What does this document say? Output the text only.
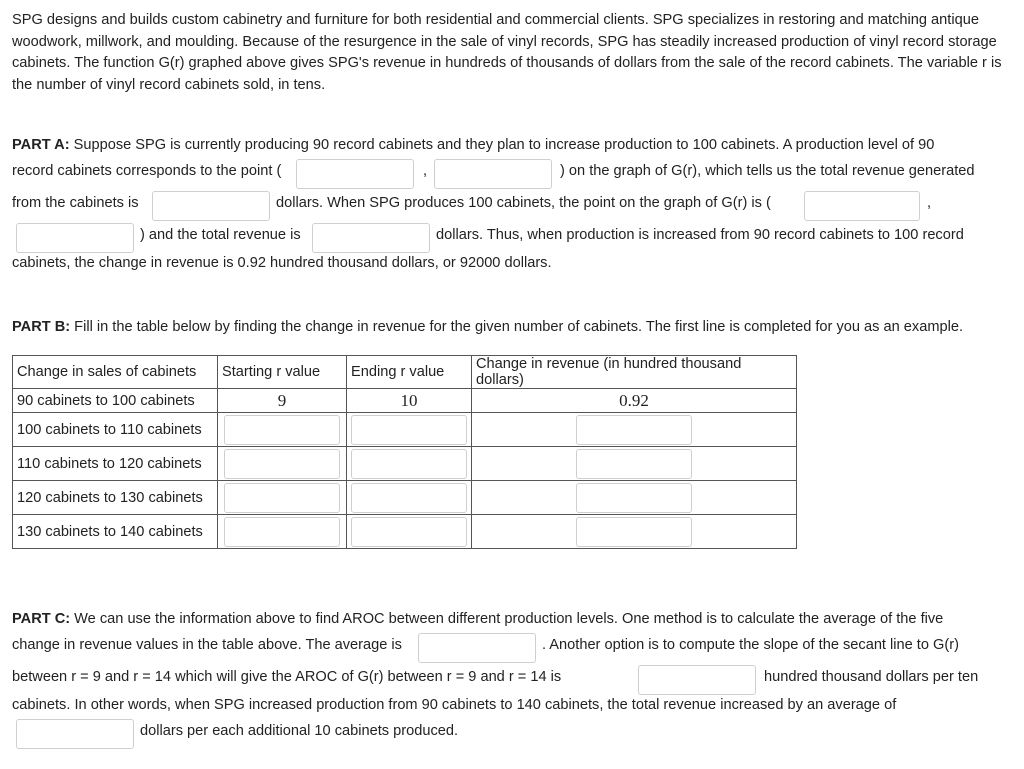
SPG designs and builds custom cabinetry and furniture for both residential and commercial clients. SPG specializes in restoring and matching antique woodwork, millwork, and moulding. Because of the resurgence in the sale of vinyl records, SPG has steadily increased production of vinyl record storage cabinets. The function G(r) graphed above gives SPG's revenue in hundreds of thousands of dollars from the sale of the record cabinets. The variable r is the number of vinyl record cabinets sold, in tens.
PART A: Suppose SPG is currently producing 90 record cabinets and they plan to increase production to 100 cabinets. A production level of 90
record cabinets corresponds to the point (	,	) on the graph of G(r), which tells us the total revenue generated
from the cabinets is	dollars. When SPG produces 100 cabinets, the point on the graph of G(r) is (	,
) and the total revenue is	dollars. Thus, when production is increased from 90 record cabinets to 100 record
cabinets, the change in revenue is 0.92 hundred thousand dollars, or 92000 dollars.
PART B: Fill in the table below by finding the change in revenue for the given number of cabinets. The first line is completed for you as an example.
Change in sales of cabinets	Starting r value	Ending r value	Change in revenue (in hundred thousand dollars)
90 cabinets to 100 cabinets	9	10	0.92
100 cabinets to 110 cabinets	

110 cabinets to 120 cabinets	

120 cabinets to 130 cabinets	

130 cabinets to 140 cabinets	

PART C: We can use the information above to find AROC between different production levels. One method is to calculate the average of the five
change in revenue values in the table above. The average is	. Another option is to compute the slope of the secant line to G(r)
between r = 9 and r = 14 which will give the AROC of G(r) between r = 9 and r = 14 is	hundred thousand dollars per ten
cabinets. In other words, when SPG increased production from 90 cabinets to 140 cabinets, the total revenue increased by an average of
dollars per each additional 10 cabinets produced.
